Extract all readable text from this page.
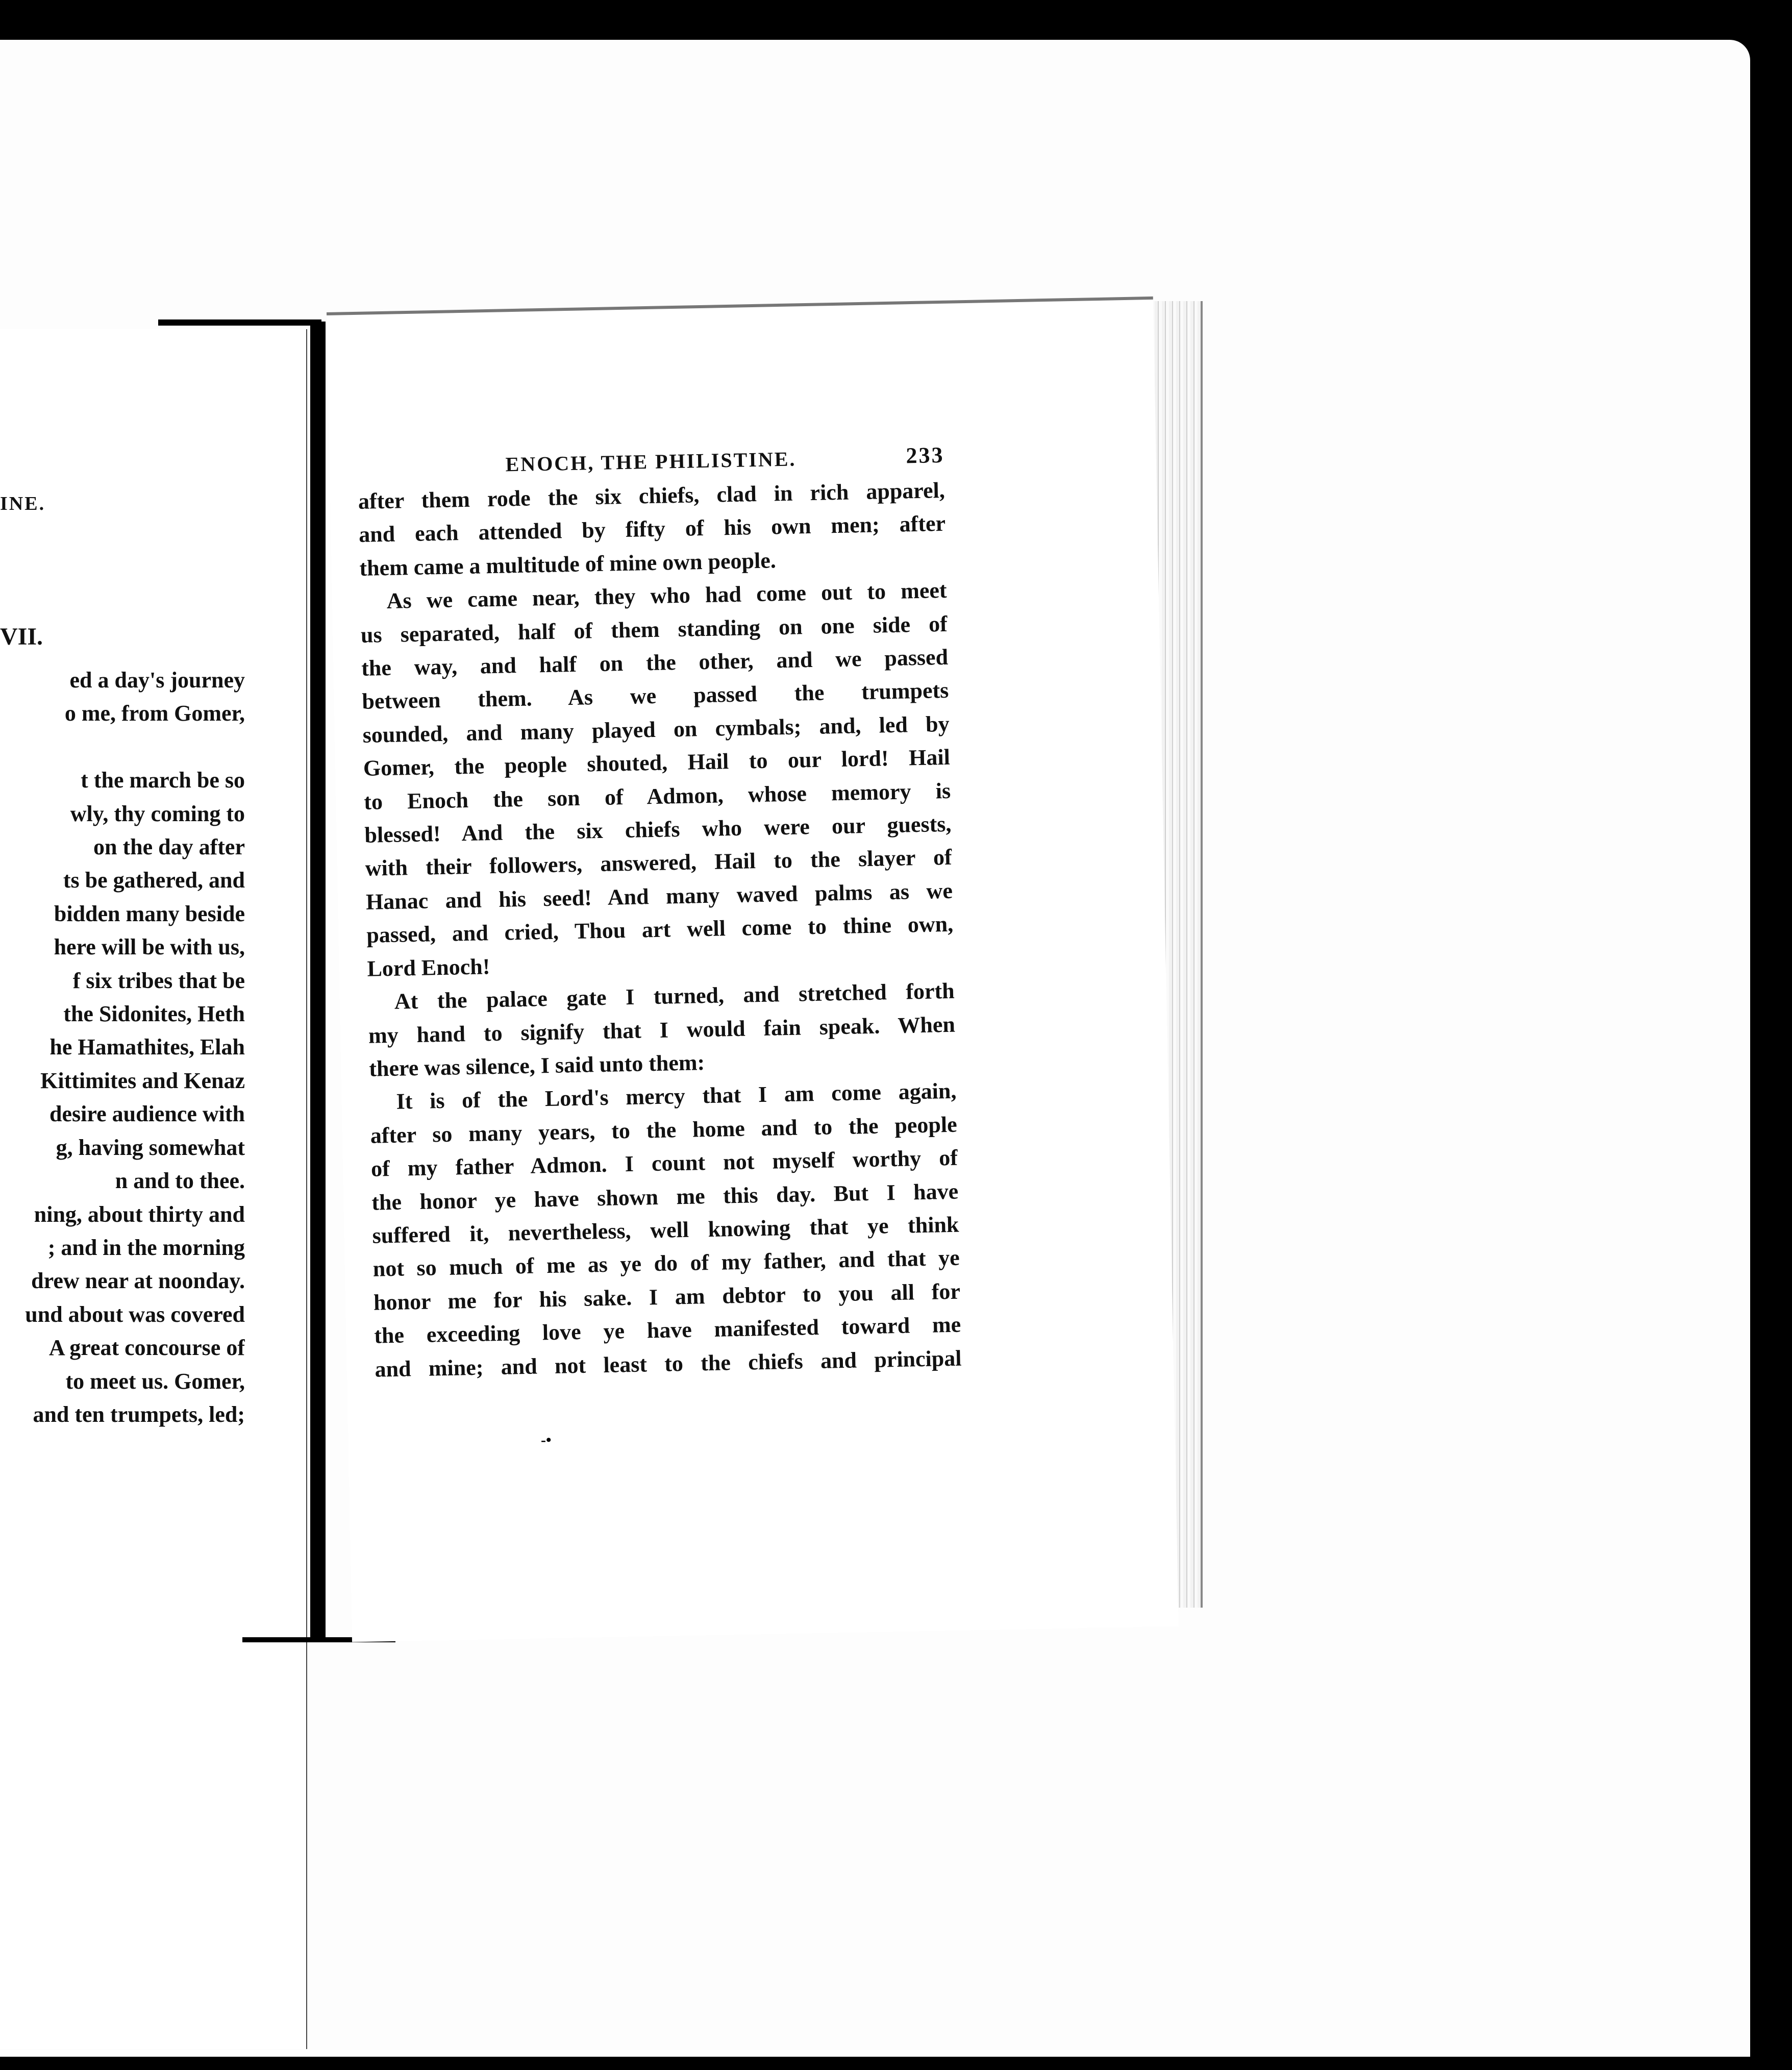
INE.
VII.
ed a day's journey
o me, from Gomer,

t the march be so
wly, thy coming to
on the day after
ts be gathered, and
bidden many beside
here will be with us,
f six tribes that be
the Sidonites, Heth
he Hamathites, Elah
Kittimites and Kenaz
desire audience with
g, having somewhat
n and to thee.
ning, about thirty and
; and in the morning
drew near at noonday.
und about was covered
A great concourse of
to meet us. Gomer,
and ten trumpets, led;
ENOCH, THE PHILISTINE.	233
after them rode the six chiefs, clad in rich apparel,
and each attended by fifty of his own men; after
them came a multitude of mine own people.
As we came near, they who had come out to meet
us separated, half of them standing on one side of
the way, and half on the other, and we passed
between them. As we passed the trumpets
sounded, and many played on cymbals; and, led by
Gomer, the people shouted, Hail to our lord! Hail
to Enoch the son of Admon, whose memory is
blessed! And the six chiefs who were our guests,
with their followers, answered, Hail to the slayer of
Hanac and his seed! And many waved palms as we
passed, and cried, Thou art well come to thine own,
Lord Enoch!
At the palace gate I turned, and stretched forth
my hand to signify that I would fain speak. When
there was silence, I said unto them:
It is of the Lord's mercy that I am come again,
after so many years, to the home and to the people
of my father Admon. I count not myself worthy of
the honor ye have shown me this day. But I have
suffered it, nevertheless, well knowing that ye think
not so much of me as ye do of my father, and that ye
honor me for his sake. I am debtor to you all for
the exceeding love ye have manifested toward me
and mine; and not least to the chiefs and principal
-•
